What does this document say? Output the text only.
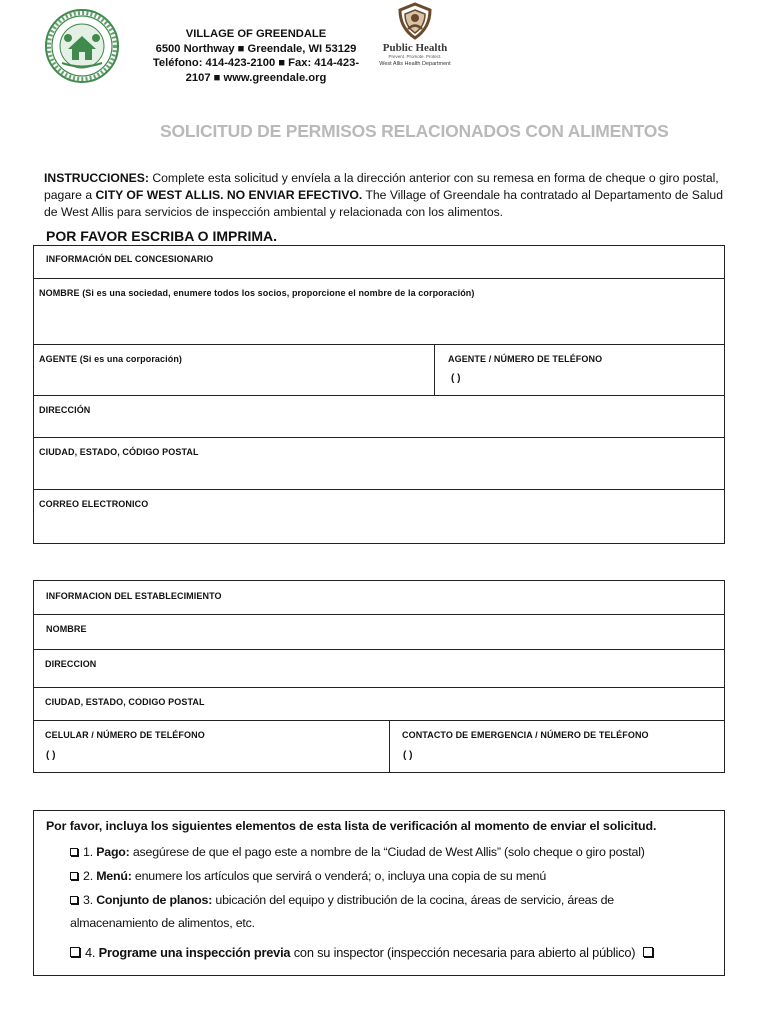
VILLAGE OF GREENDALE
6500 Northway ■ Greendale, WI 53129
Teléfono: 414-423-2100 ■ Fax: 414-423-
2107 ■ www.greendale.org
Public Health
Prevent. Promote. Protect.
West Allis Health Department
SOLICITUD DE PERMISOS RELACIONADOS CON ALIMENTOS
INSTRUCCIONES: Complete esta solicitud y envíela a la dirección anterior con su remesa en forma de cheque o giro postal, pagare a CITY OF WEST ALLIS. NO ENVIAR EFECTIVO. The Village of Greendale ha contratado al Departamento de Salud de West Allis para servicios de inspección ambiental y relacionada con los alimentos.
POR FAVOR ESCRIBA O IMPRIMA.
INFORMACIÓN DEL CONCESIONARIO
NOMBRE (Si es una sociedad, enumere todos los socios, proporcione el nombre de la corporación)
AGENTE (Si es una corporación)	AGENTE / NÚMERO DE TELÉFONO
( )
DIRECCIÓN
CIUDAD, ESTADO, CÓDIGO POSTAL
CORREO ELECTRONICO
INFORMACION DEL ESTABLECIMIENTO
NOMBRE
DIRECCION
CIUDAD, ESTADO, CODIGO POSTAL
CELULAR / NÚMERO DE TELÉFONO
( )
CONTACTO DE EMERGENCIA / NÚMERO DE TELÉFONO
( )
Por favor, incluya los siguientes elementos de esta lista de verificación al momento de enviar el solicitud.
1. Pago: asegúrese de que el pago este a nombre de la “Ciudad de West Allis” (solo cheque o giro postal)
2. Menú: enumere los artículos que servirá o venderá; o, incluya una copia de su menú
3. Conjunto de planos: ubicación del equipo y distribución de la cocina, áreas de servicio, áreas de
almacenamiento de alimentos, etc.
4. Programe una inspección previa con su inspector (inspección necesaria para abierto al público)
